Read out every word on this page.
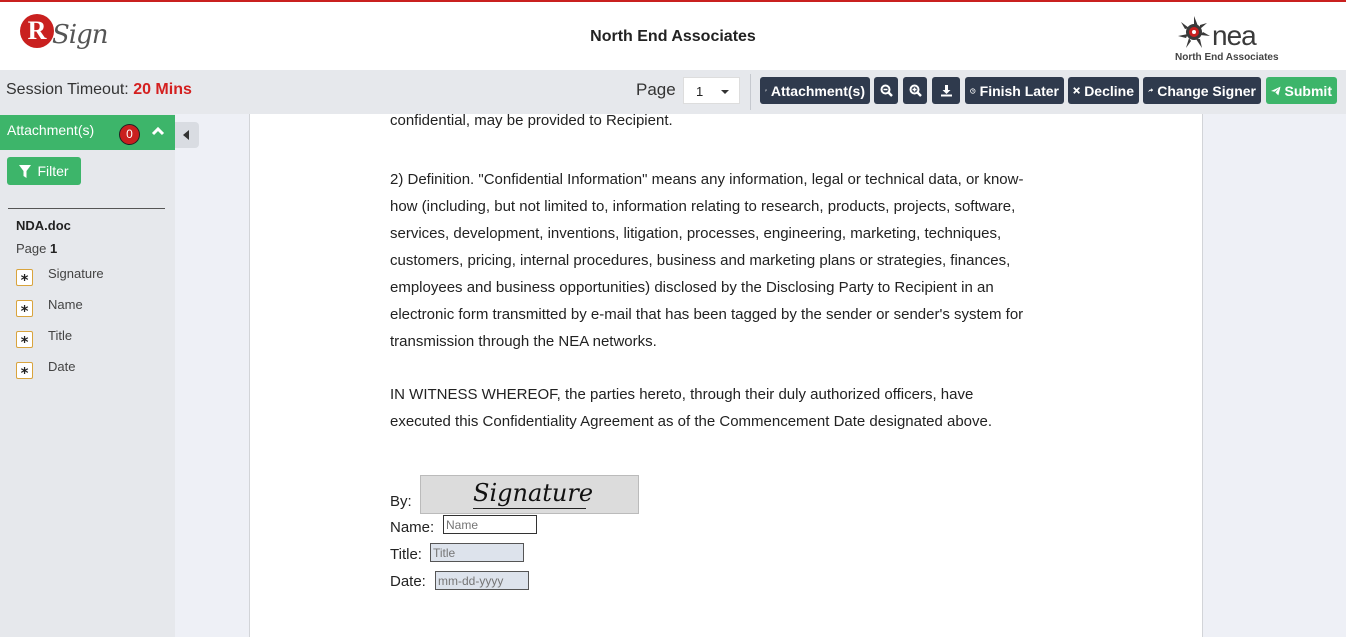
R Sign	North End Associates	nea
North End Associates
Session Timeout: 20 Mins	Page	1	Attachment(s)	Finish Later Decline Change Signer Submit
Attachment(s)	0
Filter
NDA.doc
Page 1
*	Signature
*	Name
*	Title
*	Date
confidential, may be provided to Recipient.
2) Definition. "Confidential Information" means any information, legal or technical data, or know-
how (including, but not limited to, information relating to research, products, projects, software,
services, development, inventions, litigation, processes, engineering, marketing, techniques,
customers, pricing, internal procedures, business and marketing plans or strategies, finances,
employees and business opportunities) disclosed by the Disclosing Party to Recipient in an
electronic form transmitted by e-mail that has been tagged by the sender or sender's system for
transmission through the NEA networks.
IN WITNESS WHEREOF, the parties hereto, through their duly authorized officers, have
executed this Confidentiality Agreement as of the Commencement Date designated above.
By:	Signature
Name:
Name
Title:
Title
Date:
mm-dd-yyyy
